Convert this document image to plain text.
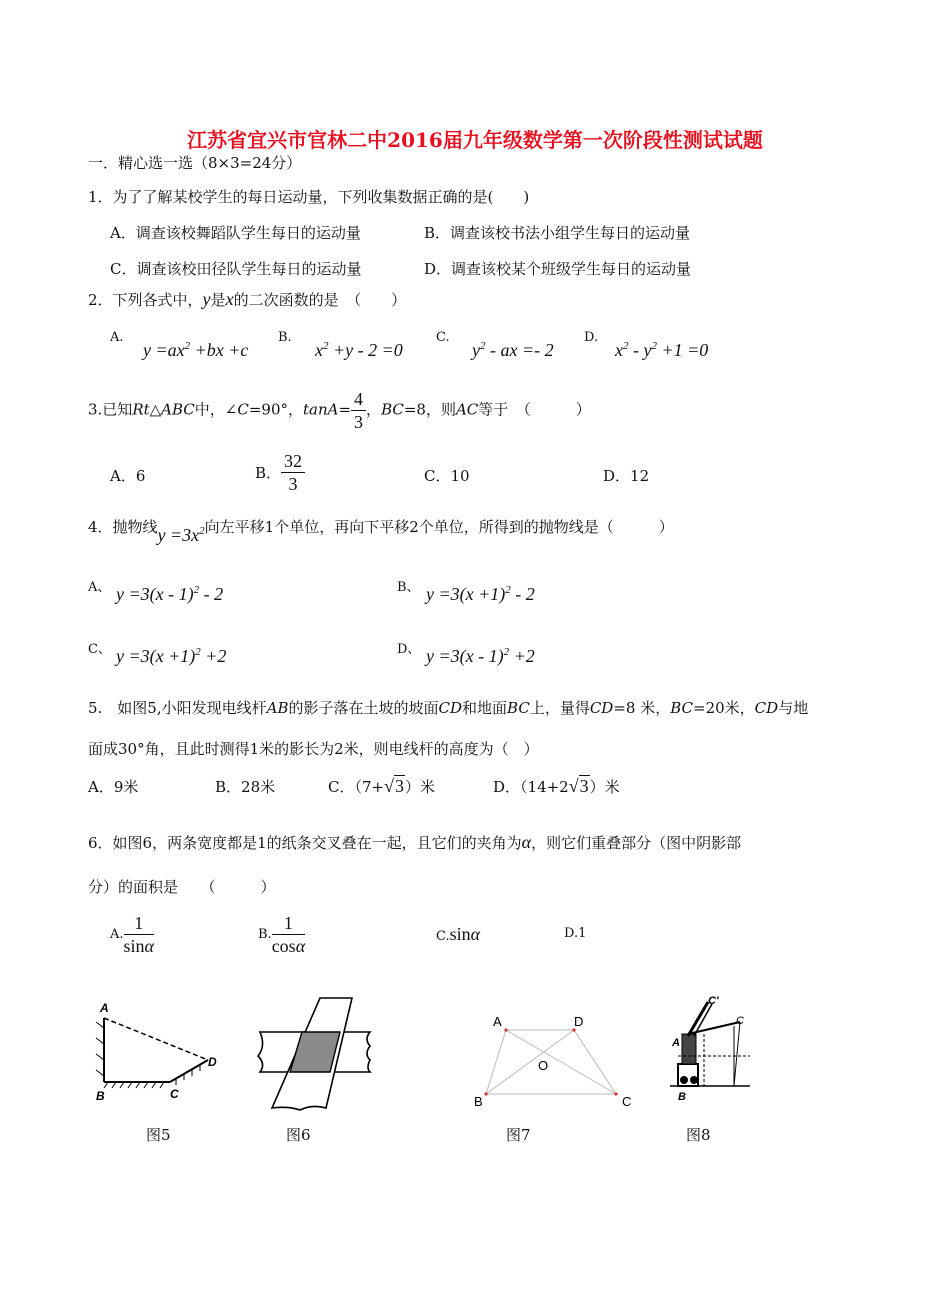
江苏省宜兴市官林二中2016届九年级数学第一次阶段性测试试题
一．精心选一选（8×3=24分）
1．为了了解某校学生的每日运动量，下列收集数据正确的是(　　)
A．调查该校舞蹈队学生每日的运动量	B．调查该校书法小组学生每日的运动量
C．调查该校田径队学生每日的运动量	D．调查该校某个班级学生每日的运动量
2．下列各式中，y是x的二次函数的是　（　　）
A.
$y =ax^2 +bx +c$
B.
$x^2 +y - 2 =0$
C.
$y^2$ - ax =- 2
D.
$x^2 - y^2 +1 =0$
3.已知Rt△ABC中，∠C=90°，$\tan A= \frac{4}{3}$ ，BC=8，则AC等于　（　　　）
A．6	B． $\frac{32}{3}$	C．10	D．12
4．抛物线$y =3x^2$向左平移1个单位，再向下平移2个单位，所得到的抛物线是（　　　）
A、 y =3(x - 1)$^2$ - 2	B、 $y =3(x +1)^2 - 2$
C、 $y =3(x +1)^2 +2$	D、 y =3(x - 1)$^2$ +2
5.　如图5,小阳发现电线杆AB的影子落在土坡的坡面CD和地面BC上，量得CD=8 米，BC=20米，CD与地
面成30°角，且此时测得1米的影长为2米，则电线杆的高度为（　）
A．9米	B．28米	C．（7+√3）米	D．（14+2√3）米
6．如图6，两条宽度都是1的纸条交叉叠在一起，且它们的夹角为α，则它们重叠部分（图中阴影部
分）的面积是　　（　　　）
A. $\frac{1}{\sin\alpha}$	B. $\frac{1}{\cos\alpha}$	C.sinα	D.1
A
B	C
D
图5	图6
A	D
O
B	C
图7
C'
C
A
B
图8
